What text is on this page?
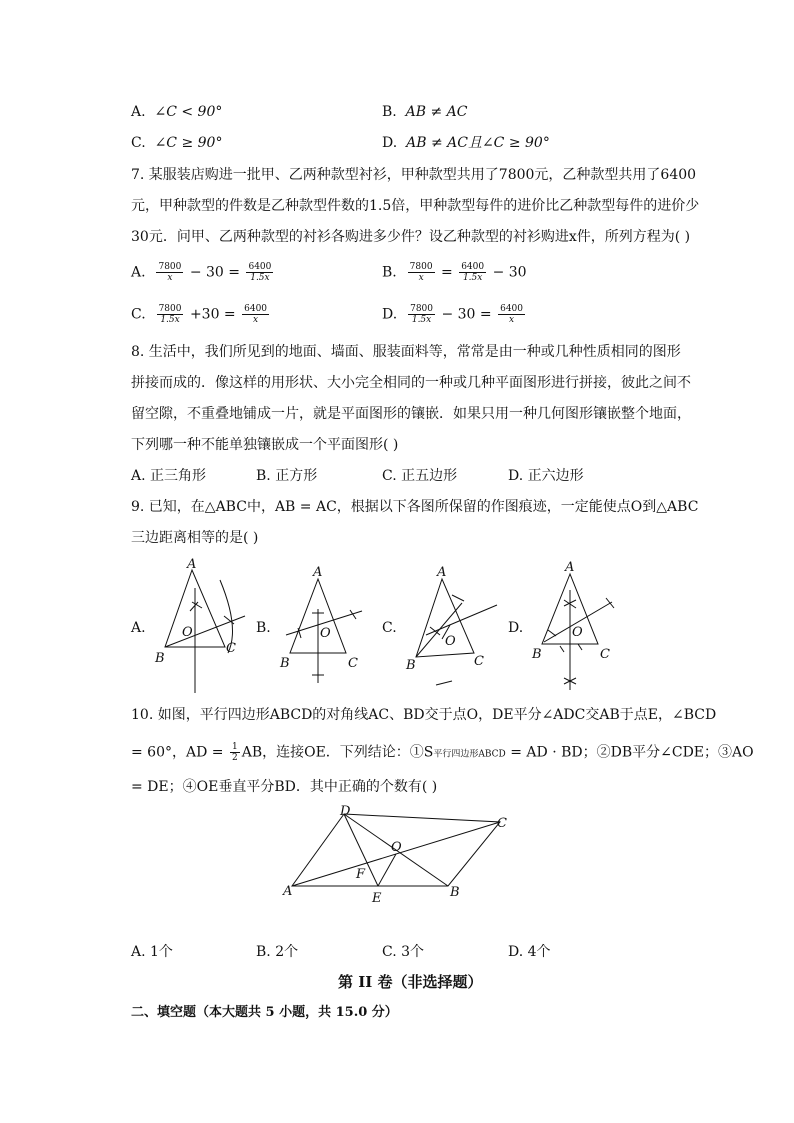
A. ∠C < 90°	B. AB ≠ AC
C. ∠C ≥ 90°	D. AB ≠ AC且∠C ≥ 90°
7. 某服装店购进一批甲、乙两种款型衬衫，甲种款型共用了7800元，乙种款型共用了6400
元，甲种款型的件数是乙种款型件数的1.5倍，甲种款型每件的进价比乙种款型每件的进价少
30元．问甲、乙两种款型的衬衫各购进多少件？设乙种款型的衬衫购进x件，所列方程为( )
A. $\frac{7800}{x} - 30 = \frac{6400}{1.5x}$	B. $\frac{7800}{x} = \frac{6400}{1.5x} - 30$
C. $\frac{7800}{1.5x} +30 = \frac{6400}{x}$	D. $\frac{7800}{1.5x} - 30 = \frac{6400}{x}$
8. 生活中，我们所见到的地面、墙面、服装面料等，常常是由一种或几种性质相同的图形
拼接而成的．像这样的用形状、大小完全相同的一种或几种平面图形进行拼接，彼此之间不
留空隙，不重叠地铺成一片，就是平面图形的镶嵌．如果只用一种几何图形镶嵌整个地面，
下列哪一种不能单独镶嵌成一个平面图形( )
A. 正三角形	B. 正方形	C. 正五边形	D. 正六边形
9. 已知，在△ABC中，AB = AC，根据以下各图所保留的作图痕迹，一定能使点O到△ABC
三边距离相等的是( )
A.	B.	C.	D.
A
O
B
C
A
O
B	C
A
O
B	C
A
O
B	C
10. 如图，平行四边形ABCD的对角线AC、BD交于点O，DE平分∠ADC交AB于点E，∠BCD
= 60°，AD = $\frac{1}{2}$ AB，连接OE．下列结论：①S平行四边形ABCD = AD · BD；②DB平分∠CDE；③AO
= DE；④OE垂直平分BD．其中正确的个数有( )
D
C
O
F
A	E	B
A. 1个	B. 2个	C. 3个	D. 4个
第 II 卷（非选择题）
二、填空题（本大题共 5 小题，共 15.0 分）
